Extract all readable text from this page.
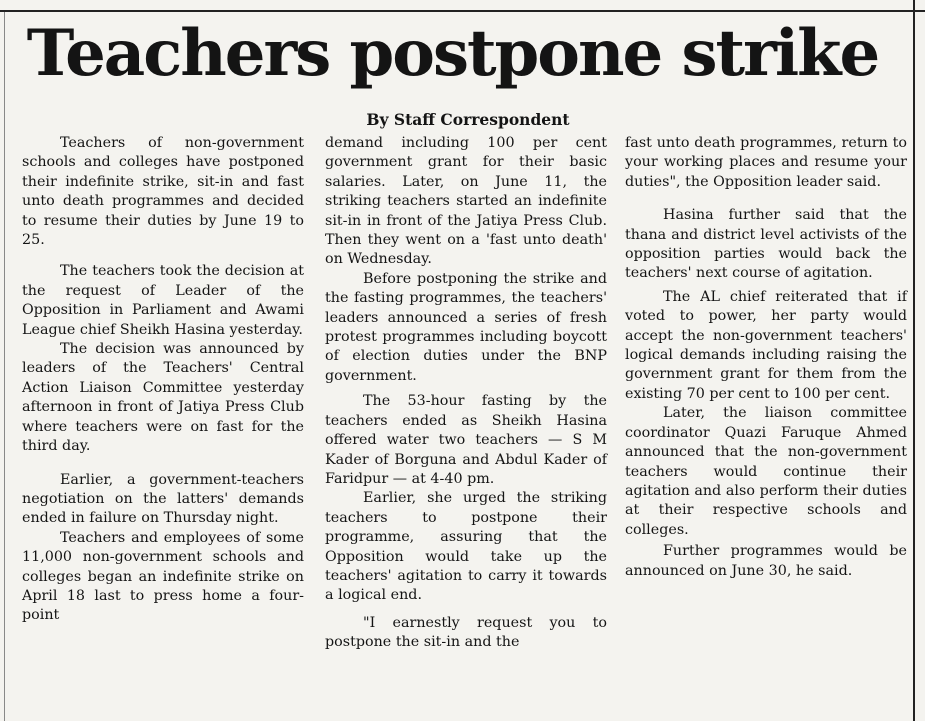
Teachers postpone strike
By Staff Correspondent

Teachers of non-government schools and colleges have postponed their indefinite strike, sit-in and fast unto death programmes and decided to resume their duties by June 19 to 25.

The teachers took the decision at the request of Leader of the Opposition in Parliament and Awami League chief Sheikh Hasina yesterday.

The decision was announced by leaders of the Teachers' Central Action Liaison Committee yesterday afternoon in front of Jatiya Press Club where teachers were on fast for the third day.

Earlier, a government-teachers negotiation on the latters' demands ended in failure on Thursday night.

Teachers and employees of some 11,000 non-government schools and colleges began an indefinite strike on April 18 last to press home a four-point

demand including 100 per cent government grant for their basic salaries. Later, on June 11, the striking teachers started an indefinite sit-in in front of the Jatiya Press Club. Then they went on a 'fast unto death' on Wednesday.

Before postponing the strike and the fasting programmes, the teachers' leaders announced a series of fresh protest programmes including boycott of election duties under the BNP government.

The 53-hour fasting by the teachers ended as Sheikh Hasina offered water two teachers — S M Kader of Borguna and Abdul Kader of Faridpur — at 4-40 pm.

Earlier, she urged the striking teachers to postpone their programme, assuring that the Opposition would take up the teachers' agitation to carry it towards a logical end.

"I earnestly request you to postpone the sit-in and the

fast unto death programmes, return to your working places and resume your duties", the Opposition leader said.

Hasina further said that the thana and district level activists of the opposition parties would back the teachers' next course of agitation.

The AL chief reiterated that if voted to power, her party would accept the non-government teachers' logical demands including raising the government grant for them from the existing 70 per cent to 100 per cent.

Later, the liaison committee coordinator Quazi Faruque Ahmed announced that the non-government teachers would continue their agitation and also perform their duties at their respective schools and colleges.

Further programmes would be announced on June 30, he said.
